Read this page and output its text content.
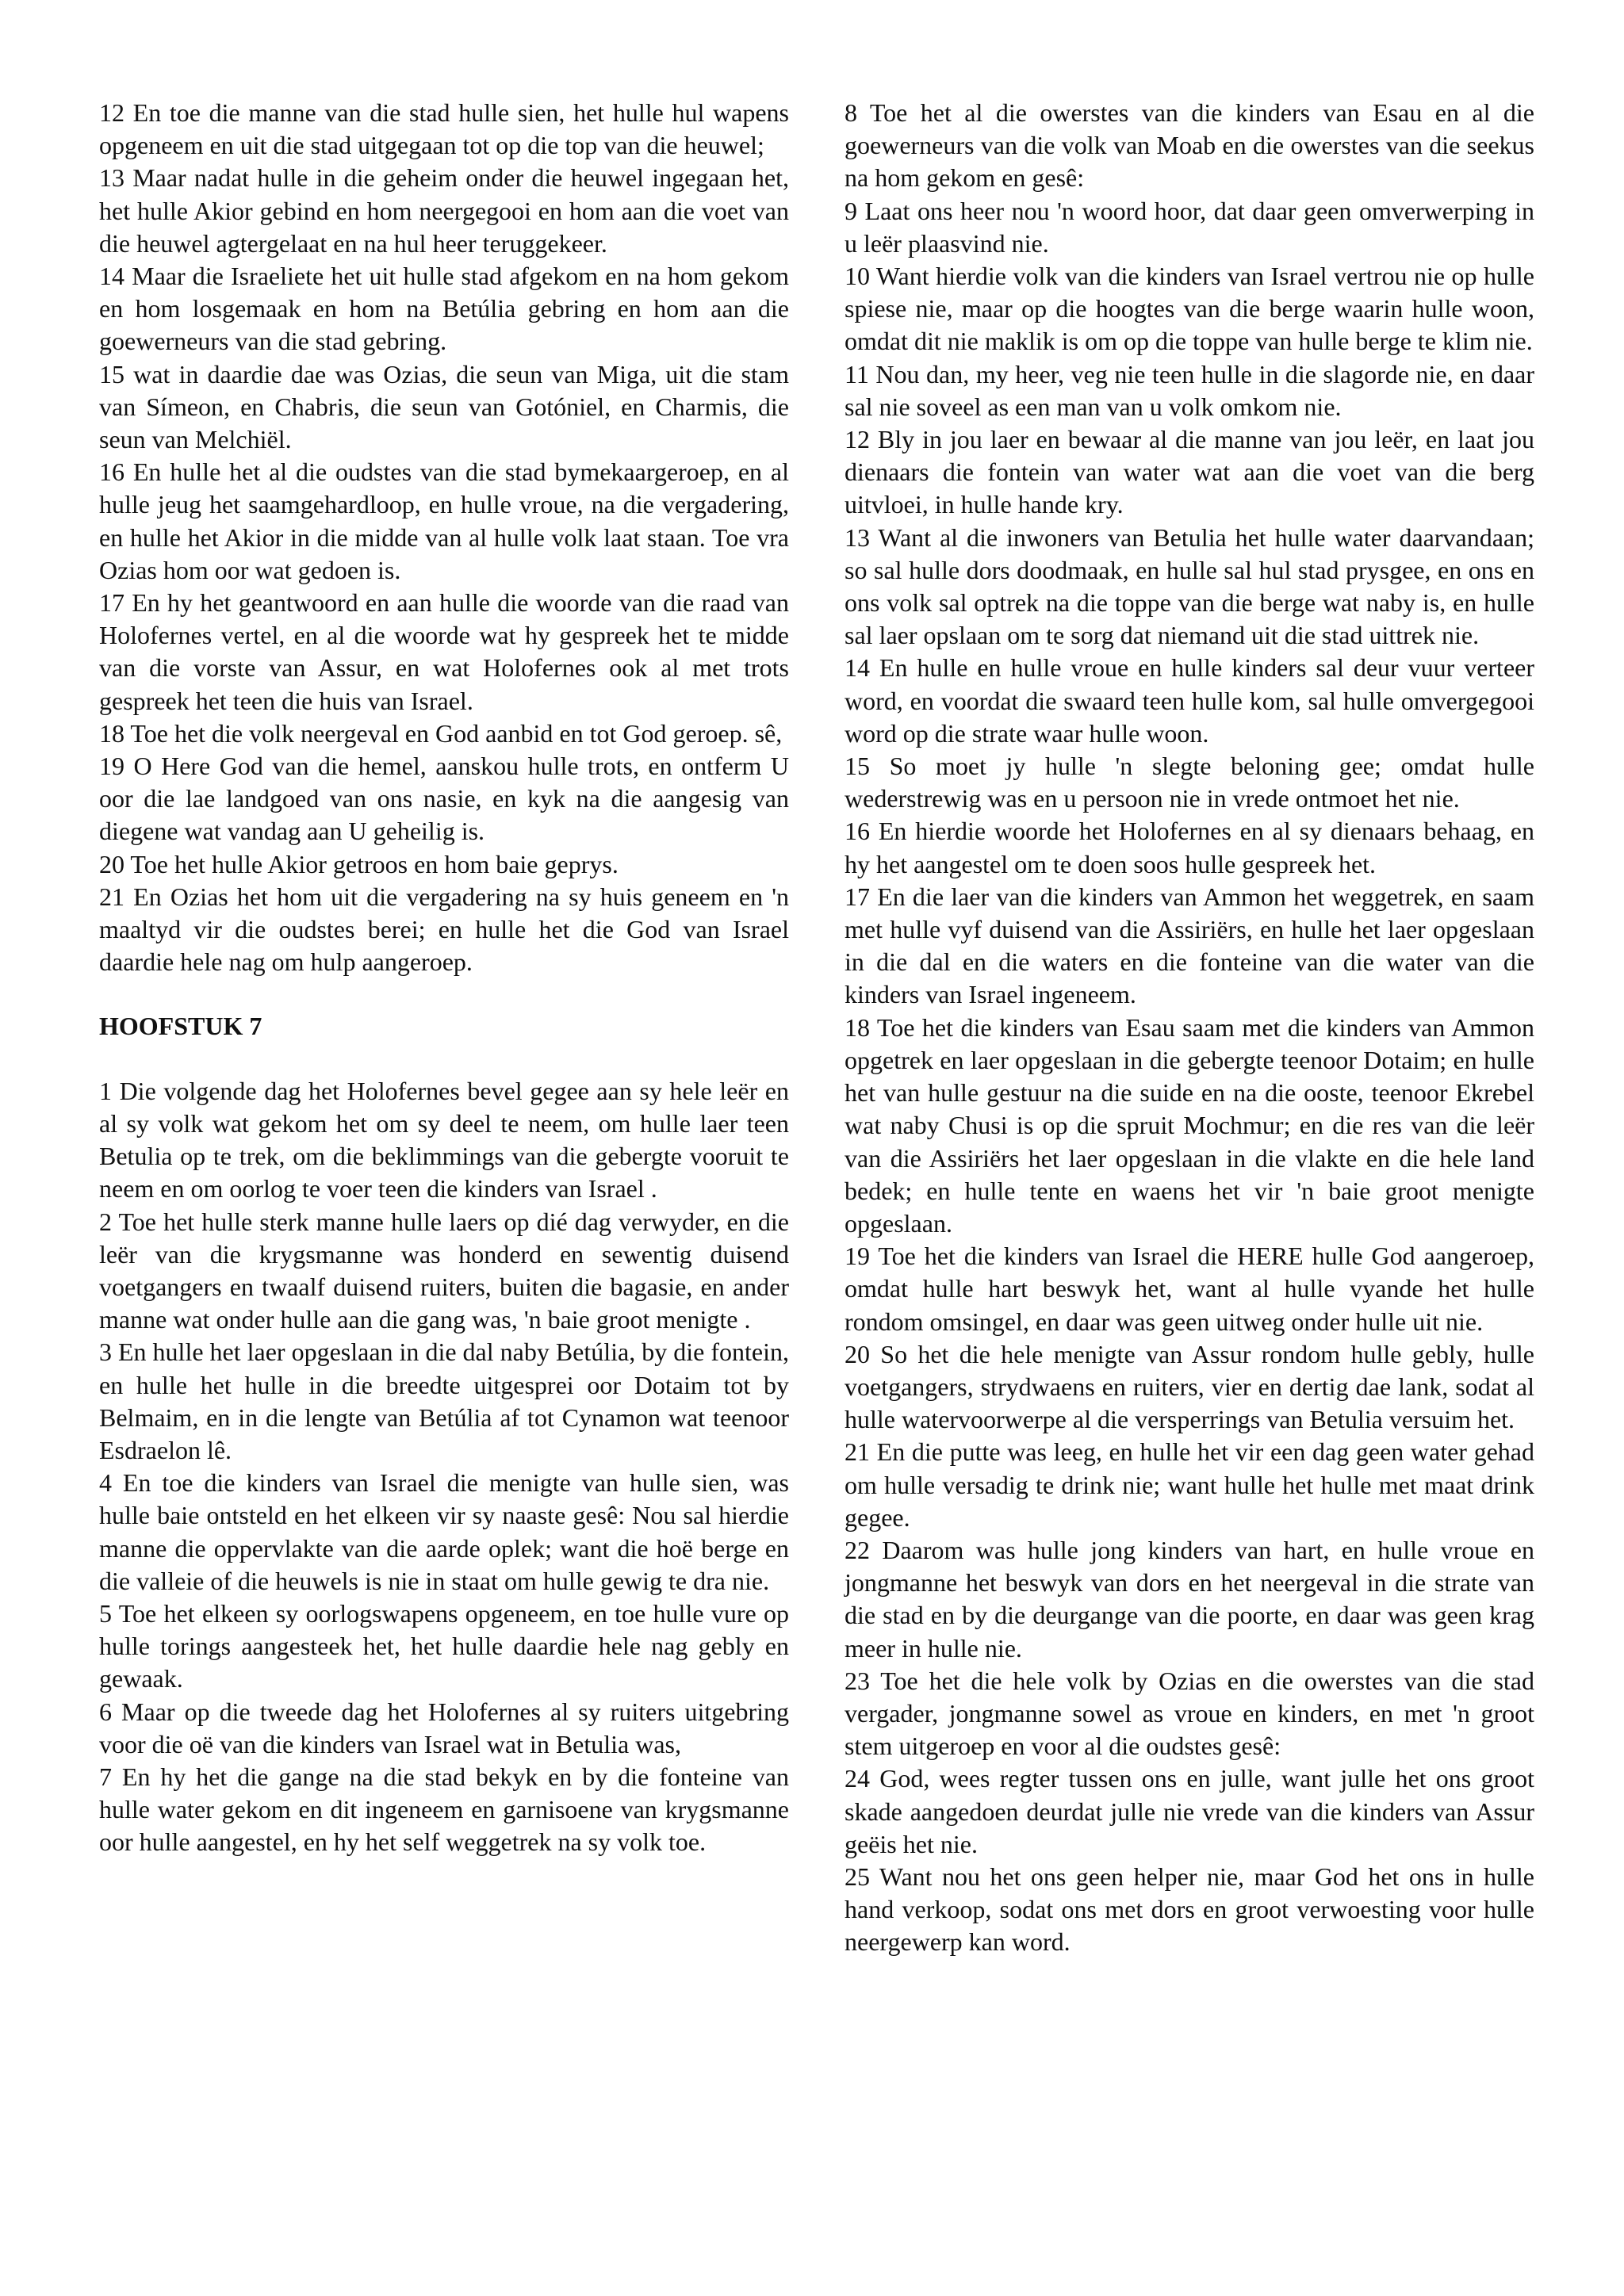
12 En toe die manne van die stad hulle sien, het hulle hul wapens opgeneem en uit die stad uitgegaan tot op die top van die heuwel;

13 Maar nadat hulle in die geheim onder die heuwel ingegaan het, het hulle Akior gebind en hom neergegooi en hom aan die voet van die heuwel agtergelaat en na hul heer teruggekeer.

14 Maar die Israeliete het uit hulle stad afgekom en na hom gekom en hom losgemaak en hom na Betúlia gebring en hom aan die goewerneurs van die stad gebring.

15 wat in daardie dae was Ozias, die seun van Miga, uit die stam van Símeon, en Chabris, die seun van Gotóniel, en Charmis, die seun van Melchiël.

16 En hulle het al die oudstes van die stad bymekaargeroep, en al hulle jeug het saamgehardloop, en hulle vroue, na die vergadering, en hulle het Akior in die midde van al hulle volk laat staan. Toe vra Ozias hom oor wat gedoen is.

17 En hy het geantwoord en aan hulle die woorde van die raad van Holofernes vertel, en al die woorde wat hy gespreek het te midde van die vorste van Assur, en wat Holofernes ook al met trots gespreek het teen die huis van Israel.

18 Toe het die volk neergeval en God aanbid en tot God geroep. sê,

19 O Here God van die hemel, aanskou hulle trots, en ontferm U oor die lae landgoed van ons nasie, en kyk na die aangesig van diegene wat vandag aan U geheilig is.

20 Toe het hulle Akior getroos en hom baie geprys.

21 En Ozias het hom uit die vergadering na sy huis geneem en 'n maaltyd vir die oudstes berei; en hulle het die God van Israel daardie hele nag om hulp aangeroep.

HOOFSTUK 7

1 Die volgende dag het Holofernes bevel gegee aan sy hele leër en al sy volk wat gekom het om sy deel te neem, om hulle laer teen Betulia op te trek, om die beklimmings van die gebergte vooruit te neem en om oorlog te voer teen die kinders van Israel .

2 Toe het hulle sterk manne hulle laers op dié dag verwyder, en die leër van die krygsmanne was honderd en sewentig duisend voetgangers en twaalf duisend ruiters, buiten die bagasie, en ander manne wat onder hulle aan die gang was, 'n baie groot menigte .

3 En hulle het laer opgeslaan in die dal naby Betúlia, by die fontein, en hulle het hulle in die breedte uitgesprei oor Dotaim tot by Belmaim, en in die lengte van Betúlia af tot Cynamon wat teenoor Esdraelon lê.

4 En toe die kinders van Israel die menigte van hulle sien, was hulle baie ontsteld en het elkeen vir sy naaste gesê: Nou sal hierdie manne die oppervlakte van die aarde oplek; want die hoë berge en die valleie of die heuwels is nie in staat om hulle gewig te dra nie.

5 Toe het elkeen sy oorlogswapens opgeneem, en toe hulle vure op hulle torings aangesteek het, het hulle daardie hele nag gebly en gewaak.

6 Maar op die tweede dag het Holofernes al sy ruiters uitgebring voor die oë van die kinders van Israel wat in Betulia was,

7 En hy het die gange na die stad bekyk en by die fonteine van hulle water gekom en dit ingeneem en garnisoene van krygsmanne oor hulle aangestel, en hy het self weggetrek na sy volk toe.

8 Toe het al die owerstes van die kinders van Esau en al die goewerneurs van die volk van Moab en die owerstes van die seekus na hom gekom en gesê:

9 Laat ons heer nou 'n woord hoor, dat daar geen omverwerping in u leër plaasvind nie.

10 Want hierdie volk van die kinders van Israel vertrou nie op hulle spiese nie, maar op die hoogtes van die berge waarin hulle woon, omdat dit nie maklik is om op die toppe van hulle berge te klim nie.

11 Nou dan, my heer, veg nie teen hulle in die slagorde nie, en daar sal nie soveel as een man van u volk omkom nie.

12 Bly in jou laer en bewaar al die manne van jou leër, en laat jou dienaars die fontein van water wat aan die voet van die berg uitvloei, in hulle hande kry.

13 Want al die inwoners van Betulia het hulle water daarvandaan; so sal hulle dors doodmaak, en hulle sal hul stad prysgee, en ons en ons volk sal optrek na die toppe van die berge wat naby is, en hulle sal laer opslaan om te sorg dat niemand uit die stad uittrek nie.

14 En hulle en hulle vroue en hulle kinders sal deur vuur verteer word, en voordat die swaard teen hulle kom, sal hulle omvergegooi word op die strate waar hulle woon.

15 So moet jy hulle 'n slegte beloning gee; omdat hulle wederstrewig was en u persoon nie in vrede ontmoet het nie.

16 En hierdie woorde het Holofernes en al sy dienaars behaag, en hy het aangestel om te doen soos hulle gespreek het.

17 En die laer van die kinders van Ammon het weggetrek, en saam met hulle vyf duisend van die Assiriërs, en hulle het laer opgeslaan in die dal en die waters en die fonteine van die water van die kinders van Israel ingeneem.

18 Toe het die kinders van Esau saam met die kinders van Ammon opgetrek en laer opgeslaan in die gebergte teenoor Dotaim; en hulle het van hulle gestuur na die suide en na die ooste, teenoor Ekrebel wat naby Chusi is op die spruit Mochmur; en die res van die leër van die Assiriërs het laer opgeslaan in die vlakte en die hele land bedek; en hulle tente en waens het vir 'n baie groot menigte opgeslaan.

19 Toe het die kinders van Israel die HERE hulle God aangeroep, omdat hulle hart beswyk het, want al hulle vyande het hulle rondom omsingel, en daar was geen uitweg onder hulle uit nie.

20 So het die hele menigte van Assur rondom hulle gebly, hulle voetgangers, strydwaens en ruiters, vier en dertig dae lank, sodat al hulle watervoorwerpe al die versperrings van Betulia versuim het.

21 En die putte was leeg, en hulle het vir een dag geen water gehad om hulle versadig te drink nie; want hulle het hulle met maat drink gegee.

22 Daarom was hulle jong kinders van hart, en hulle vroue en jongmanne het beswyk van dors en het neergeval in die strate van die stad en by die deurgange van die poorte, en daar was geen krag meer in hulle nie.

23 Toe het die hele volk by Ozias en die owerstes van die stad vergader, jongmanne sowel as vroue en kinders, en met 'n groot stem uitgeroep en voor al die oudstes gesê:

24 God, wees regter tussen ons en julle, want julle het ons groot skade aangedoen deurdat julle nie vrede van die kinders van Assur geëis het nie.

25 Want nou het ons geen helper nie, maar God het ons in hulle hand verkoop, sodat ons met dors en groot verwoesting voor hulle neergewerp kan word.
